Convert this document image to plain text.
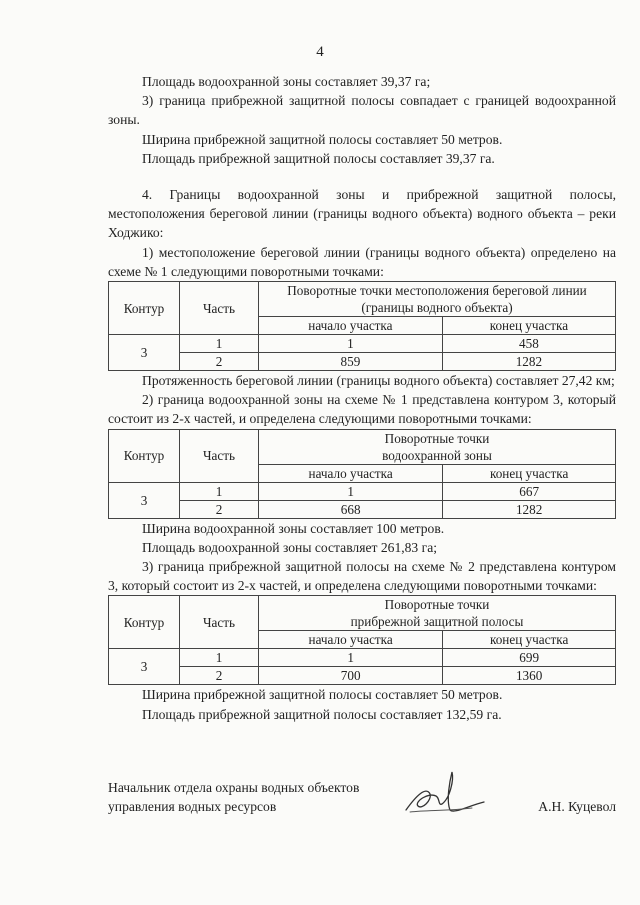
4

Площадь водоохранной зоны составляет 39,37 га;

3) граница прибрежной защитной полосы совпадает с границей водоохранной зоны.

Ширина прибрежной защитной полосы составляет 50 метров.

Площадь прибрежной защитной полосы составляет 39,37 га.

4. Границы водоохранной зоны и прибрежной защитной полосы, местоположения береговой линии (границы водного объекта) водного объекта – реки Ходжико:

1) местоположение береговой линии (границы водного объекта) определено на схеме № 1 следующими поворотными точками:

Контур	Часть	Поворотные точки местоположения береговой линии (границы водного объекта)	
		начало участка	конец участка
3	1	1	458
	2	859	1282

Протяженность береговой линии (границы водного объекта) составляет 27,42 км;

2) граница водоохранной зоны на схеме № 1 представлена контуром 3, который состоит из 2-х частей, и определена следующими поворотными точками:

Контур	Часть	Поворотные точки	
		водоохранной зоны	
		начало участка	конец участка
3	1	1	667
	2	668	1282

Ширина водоохранной зоны составляет 100 метров.

Площадь водоохранной зоны составляет 261,83 га;

3) граница прибрежной защитной полосы на схеме № 2 представлена контуром 3, который состоит из 2-х частей, и определена следующими поворотными точками:

Контур	Часть	Поворотные точки	
		прибрежной защитной полосы	
		начало участка	конец участка
3	1	1	699
	2	700	1360

Ширина прибрежной защитной полосы составляет 50 метров.

Площадь прибрежной защитной полосы составляет 132,59 га.

Начальник отдела охраны водных объектов
управления водных ресурсов	А.Н. Куцевол
